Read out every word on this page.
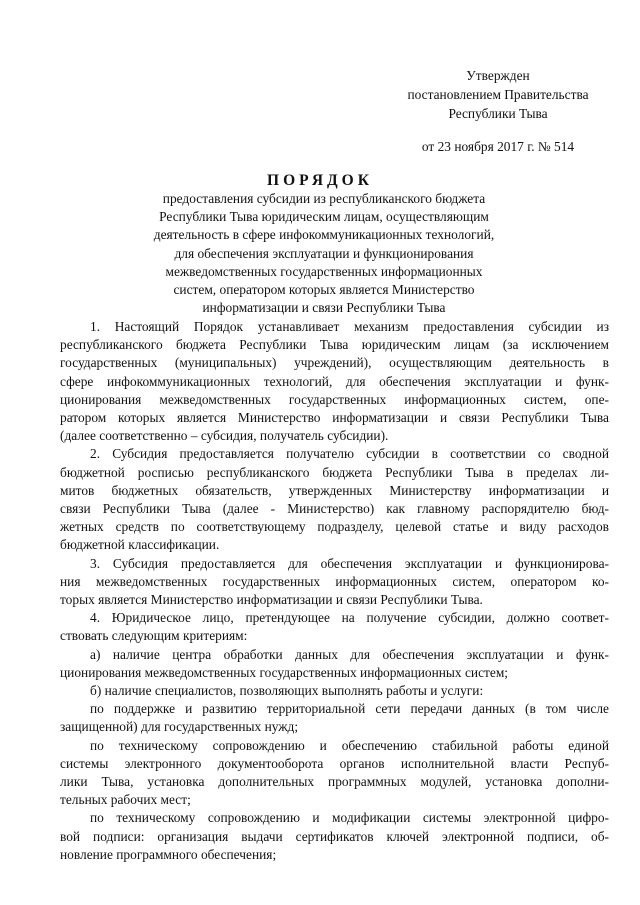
Утвержден
постановлением Правительства
Республики Тыва
от 23 ноября 2017 г. № 514
ПОРЯДОК
предоставления субсидии из республиканского бюджета
Республики Тыва юридическим лицам, осуществляющим
деятельность в сфере инфокоммуникационных технологий,
для обеспечения эксплуатации и функционирования
межведомственных государственных информационных
систем, оператором которых является Министерство
информатизации и связи Республики Тыва
1. Настоящий Порядок устанавливает механизм предоставления субсидии из
республиканского бюджета Республики Тыва юридическим лицам (за исключением
государственных (муниципальных) учреждений), осуществляющим деятельность в
сфере инфокоммуникационных технологий, для обеспечения эксплуатации и функ-
ционирования межведомственных государственных информационных систем, опе-
ратором которых является Министерство информатизации и связи Республики Тыва
(далее соответственно – субсидия, получатель субсидии).
2. Субсидия предоставляется получателю субсидии в соответствии со сводной
бюджетной росписью республиканского бюджета Республики Тыва в пределах ли-
митов бюджетных обязательств, утвержденных Министерству информатизации и
связи Республики Тыва (далее - Министерство) как главному распорядителю бюд-
жетных средств по соответствующему подразделу, целевой статье и виду расходов
бюджетной классификации.
3. Субсидия предоставляется для обеспечения эксплуатации и функционирова-
ния межведомственных государственных информационных систем, оператором ко-
торых является Министерство информатизации и связи Республики Тыва.
4. Юридическое лицо, претендующее на получение субсидии, должно соответ-
ствовать следующим критериям:
а) наличие центра обработки данных для обеспечения эксплуатации и функ-
ционирования межведомственных государственных информационных систем;
б) наличие специалистов, позволяющих выполнять работы и услуги:
по поддержке и развитию территориальной сети передачи данных (в том числе
защищенной) для государственных нужд;
по техническому сопровождению и обеспечению стабильной работы единой
системы электронного документооборота органов исполнительной власти Респуб-
лики Тыва, установка дополнительных программных модулей, установка дополни-
тельных рабочих мест;
по техническому сопровождению и модификации системы электронной цифро-
вой подписи: организация выдачи сертификатов ключей электронной подписи, об-
новление программного обеспечения;
